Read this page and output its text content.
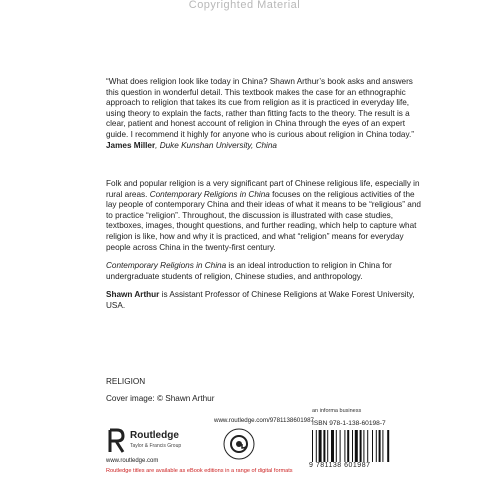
Copyrighted Material
“What does religion look like today in China? Shawn Arthur’s book asks and answers this question in wonderful detail. This textbook makes the case for an ethnographic approach to religion that takes its cue from religion as it is practiced in everyday life, using theory to explain the facts, rather than fitting facts to the theory. The result is a clear, patient and honest account of religion in China through the eyes of an expert guide. I recommend it highly for anyone who is curious about religion in China today.”
James Miller, Duke Kunshan University, China
Folk and popular religion is a very significant part of Chinese religious life, especially in rural areas. Contemporary Religions in China focuses on the religious activities of the lay people of contemporary China and their ideas of what it means to be “religious” and to practice “religion”. Throughout, the discussion is illustrated with case studies, textboxes, images, thought questions, and further reading, which help to capture what religion is like, how and why it is practiced, and what “religion” means for everyday people across China in the twenty-first century.
Contemporary Religions in China is an ideal introduction to religion in China for undergraduate students of religion, Chinese studies, and anthropology.
Shawn Arthur is Assistant Professor of Chinese Religions at Wake Forest University, USA.
RELIGION
Cover image: © Shawn Arthur
www.routledge.com/9781138601987
an informa business
Routledge
Taylor & Francis Group
www.routledge.com
ISBN 978-1-138-60198-7
9 781138 601987
Routledge titles are available as eBook editions in a range of digital formats
